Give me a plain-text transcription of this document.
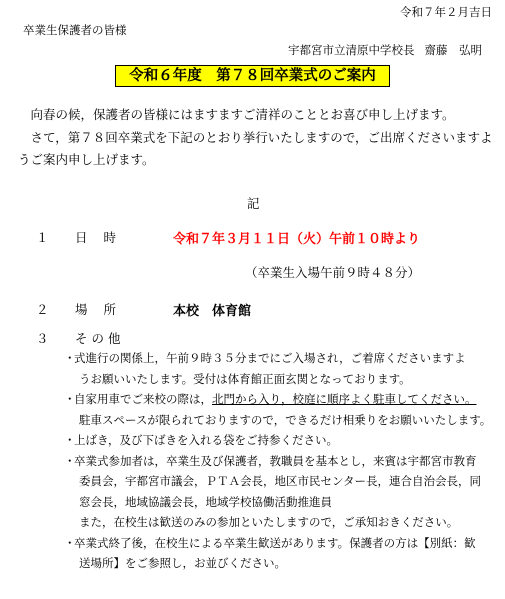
令和７年２月吉日
卒業生保護者の皆様
宇都宮市立清原中学校長 齋藤　弘明
令和６年度　第７８回卒業式のご案内
　向春の候，保護者の皆様にはますますご清祥のこととお喜び申し上げます。
　さて，第７８回卒業式を下記のとおり挙行いたしますので，ご出席くださいますようご案内申し上げます。
記
１ 日時	令和７年３月１１日（火）午前１０時より
（卒業生入場午前９時４８分）
２ 場所	本校　体育館
３ その他
・
式進行の関係上，午前９時３５分までにご入場され，ご着席くださいますよ
うお願いいたします。受付は体育館正面玄関となっております。
・
自家用車でご来校の際は，北門から入り，校庭に順序よく駐車してください。
駐車スペースが限られておりますので，できるだけ相乗りをお願いいたします。
・
上ばき，及び下ばきを入れる袋をご持参ください。
・
卒業式参加者は，卒業生及び保護者，教職員を基本とし，来賓は宇都宮市教育
委員会，宇都宮市議会，ＰＴＡ会長，地区市民センター長，連合自治会長，同
窓会長，地域協議会長，地域学校協働活動推進員
また，在校生は歓送のみの参加といたしますので，ご承知おきください。
・
卒業式終了後，在校生による卒業生歓送があります。保護者の方は【別紙：歓
送場所】をご参照し，お並びください。
